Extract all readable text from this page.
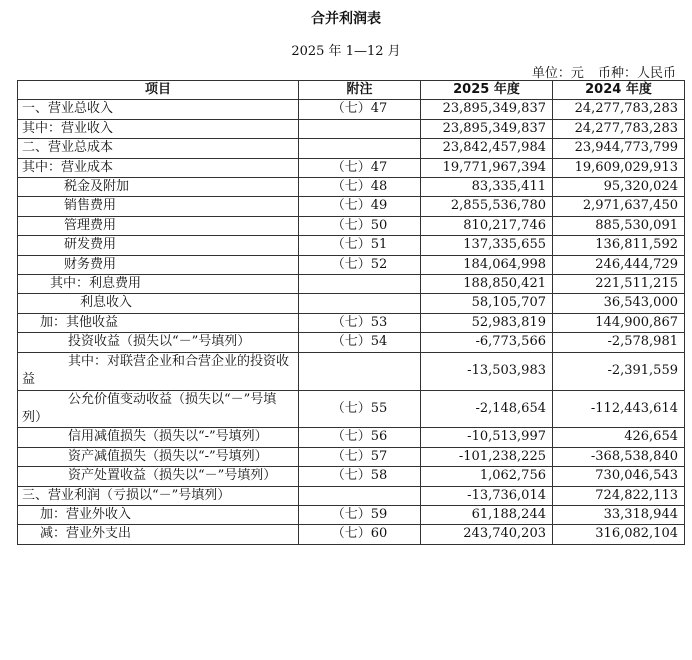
合并利润表
2025 年 1—12 月
单位：元 币种：人民币
项目	附注	2025 年度	2024 年度
一、营业总收入	（七）47	23,895,349,837	24,277,783,283
其中：营业收入		23,895,349,837	24,277,783,283
二、营业总成本		23,842,457,984	23,944,773,799
其中：营业成本	（七）47	19,771,967,394	19,609,029,913
税金及附加	（七）48	83,335,411	95,320,024
销售费用	（七）49	2,855,536,780	2,971,637,450
管理费用	（七）50	810,217,746	885,530,091
研发费用	（七）51	137,335,655	136,811,592
财务费用	（七）52	184,064,998	246,444,729
其中：利息费用		188,850,421	221,511,215
利息收入		58,105,707	36,543,000
加：其他收益	（七）53	52,983,819	144,900,867
投资收益（损失以“－”号填列）	（七）54	-6,773,566	-2,578,981
其中：对联营企业和合营企业的投资收益		-13,503,983	-2,391,559
公允价值变动收益（损失以“－”号填列）	（七）55	-2,148,654	-112,443,614
信用减值损失（损失以“-”号填列）	（七）56	-10,513,997	426,654
资产减值损失（损失以“-”号填列）	（七）57	-101,238,225	-368,538,840
资产处置收益（损失以“－”号填列）	（七）58	1,062,756	730,046,543
三、营业利润（亏损以“－”号填列）		-13,736,014	724,822,113
加：营业外收入	（七）59	61,188,244	33,318,944
减：营业外支出	（七）60	243,740,203	316,082,104
